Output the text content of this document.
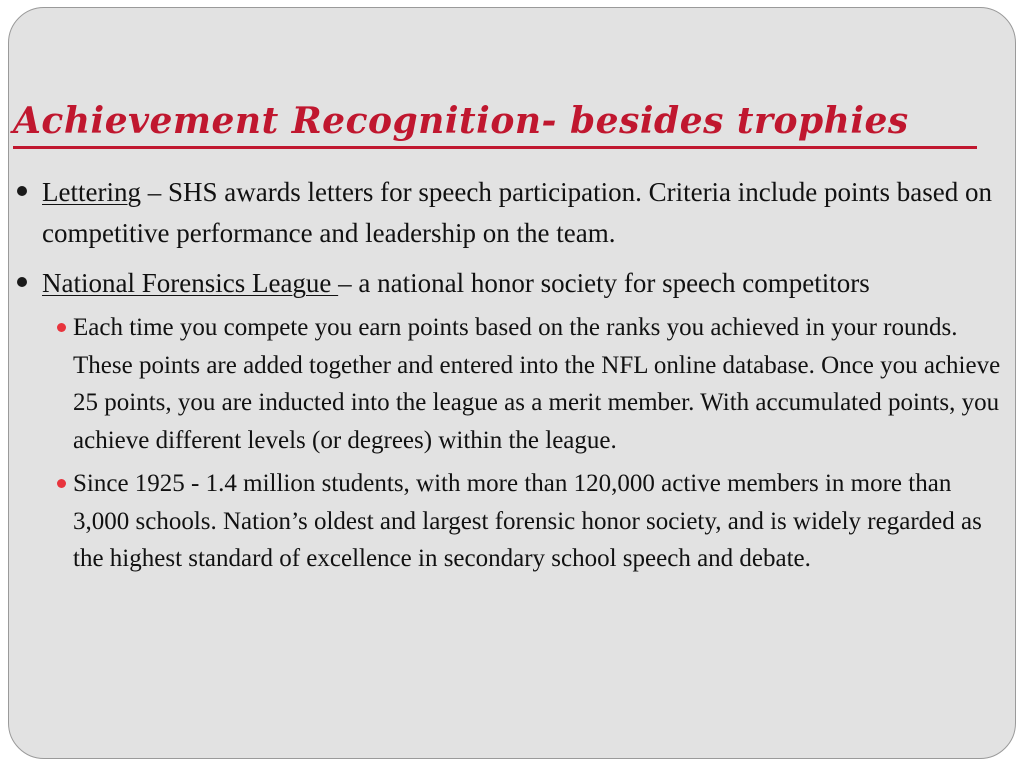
Achievement Recognition- besides trophies
Lettering – SHS awards letters for speech participation. Criteria include points based on competitive performance and leadership on the team.
National Forensics League – a national honor society for speech competitors
Each time you compete you earn points based on the ranks you achieved in your rounds. These points are added together and entered into the NFL online database. Once you achieve 25 points, you are inducted into the league as a merit member. With accumulated points, you achieve different levels (or degrees) within the league.
Since 1925 - 1.4 million students, with more than 120,000 active members in more than 3,000 schools. Nation’s oldest and largest forensic honor society, and is widely regarded as the highest standard of excellence in secondary school speech and debate.
